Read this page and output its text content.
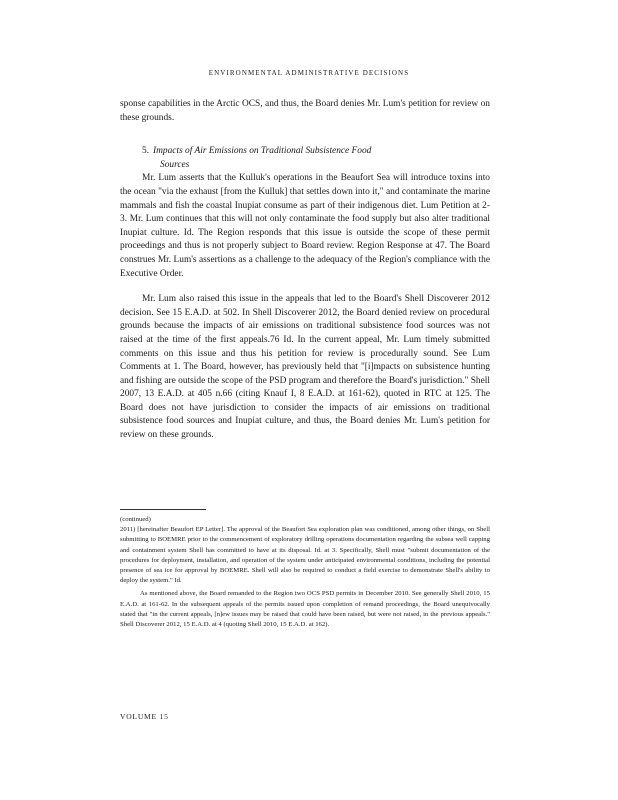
ENVIRONMENTAL ADMINISTRATIVE DECISIONS

sponse capabilities in the Arctic OCS, and thus, the Board denies Mr. Lum's petition for review on these grounds.

5. Impacts of Air Emissions on Traditional Subsistence Food
Sources

Mr. Lum asserts that the Kulluk's operations in the Beaufort Sea will introduce toxins into the ocean "via the exhaust [from the Kulluk] that settles down into it," and contaminate the marine mammals and fish the coastal Inupiat consume as part of their indigenous diet. Lum Petition at 2-3. Mr. Lum continues that this will not only contaminate the food supply but also alter traditional Inupiat culture. Id. The Region responds that this issue is outside the scope of these permit proceedings and thus is not properly subject to Board review. Region Response at 47. The Board construes Mr. Lum's assertions as a challenge to the adequacy of the Region's compliance with the Executive Order.

Mr. Lum also raised this issue in the appeals that led to the Board's Shell Discoverer 2012 decision. See 15 E.A.D. at 502. In Shell Discoverer 2012, the Board denied review on procedural grounds because the impacts of air emissions on traditional subsistence food sources was not raised at the time of the first appeals.76 Id. In the current appeal, Mr. Lum timely submitted comments on this issue and thus his petition for review is procedurally sound. See Lum Comments at 1. The Board, however, has previously held that "[i]mpacts on subsistence hunting and fishing are outside the scope of the PSD program and therefore the Board's jurisdiction." Shell 2007, 13 E.A.D. at 405 n.66 (citing Knauf I, 8 E.A.D. at 161-62), quoted in RTC at 125. The Board does not have jurisdiction to consider the impacts of air emissions on traditional subsistence food sources and Inupiat culture, and thus, the Board denies Mr. Lum's petition for review on these grounds.

(continued)

2011) [hereinafter Beaufort EP Letter]. The approval of the Beaufort Sea exploration plan was conditioned, among other things, on Shell submitting to BOEMRE prior to the commencement of exploratory drilling operations documentation regarding the subsea well capping and containment system Shell has committed to have at its disposal. Id. at 3. Specifically, Shell must "submit documentation of the procedures for deployment, installation, and operation of the system under anticipated environmental conditions, including the potential presence of sea ice for approval by BOEMRE. Shell will also be required to conduct a field exercise to demonstrate Shell's ability to deploy the system." Id.

As mentioned above, the Board remanded to the Region two OCS PSD permits in December 2010. See generally Shell 2010, 15 E.A.D. at 161-62. In the subsequent appeals of the permits issued upon completion of remand proceedings, the Board unequivocally stated that "in the current appeals, [n]ew issues may be raised that could have been raised, but were not raised, in the previous appeals." Shell Discoverer 2012, 15 E.A.D. at 4 (quoting Shell 2010, 15 E.A.D. at 162).

VOLUME 15
